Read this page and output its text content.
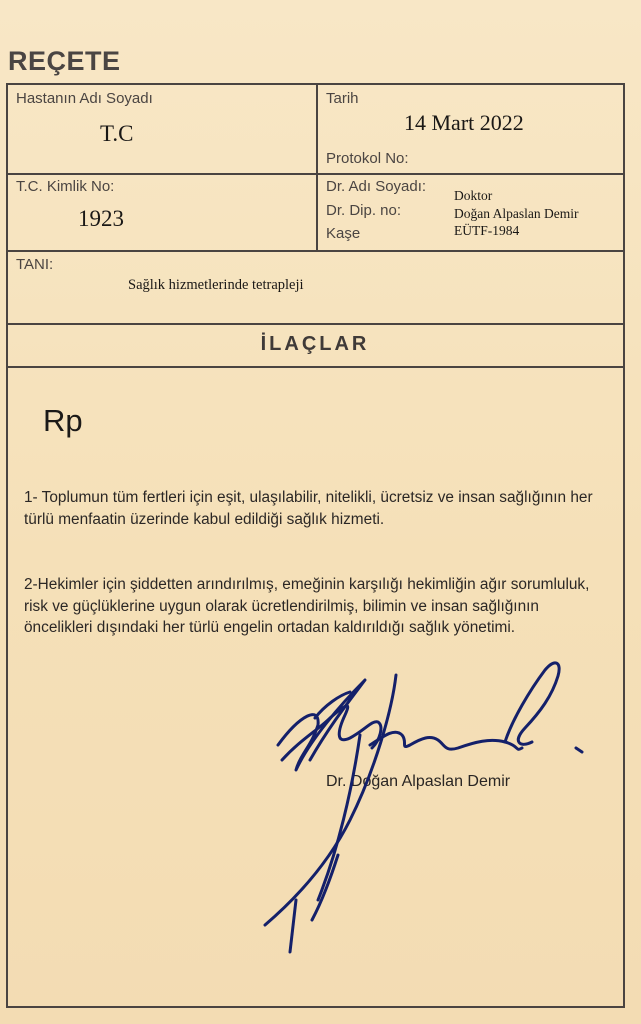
REÇETE
Hastanın Adı Soyadı
T.C
Tarih
14 Mart 2022
Protokol No:
T.C. Kimlik No:
1923
Dr. Adı Soyadı:
Dr. Dip. no:
Kaşe
Doktor
Doğan Alpaslan Demir
EÜTF-1984
TANI:
Sağlık hizmetlerinde tetrapleji
İLAÇLAR
Rp
1- Toplumun tüm fertleri için eşit, ulaşılabilir, nitelikli, ücretsiz ve insan sağlığının her türlü menfaatin üzerinde kabul edildiği sağlık hizmeti.
2-Hekimler için şiddetten arındırılmış, emeğinin karşılığı hekimliğin ağır sorumluluk, risk ve güçlüklerine uygun olarak ücretlendirilmiş, bilimin ve insan sağlığının öncelikleri dışındaki her türlü engelin ortadan kaldırıldığı sağlık yönetimi.
Dr. Doğan Alpaslan Demir
